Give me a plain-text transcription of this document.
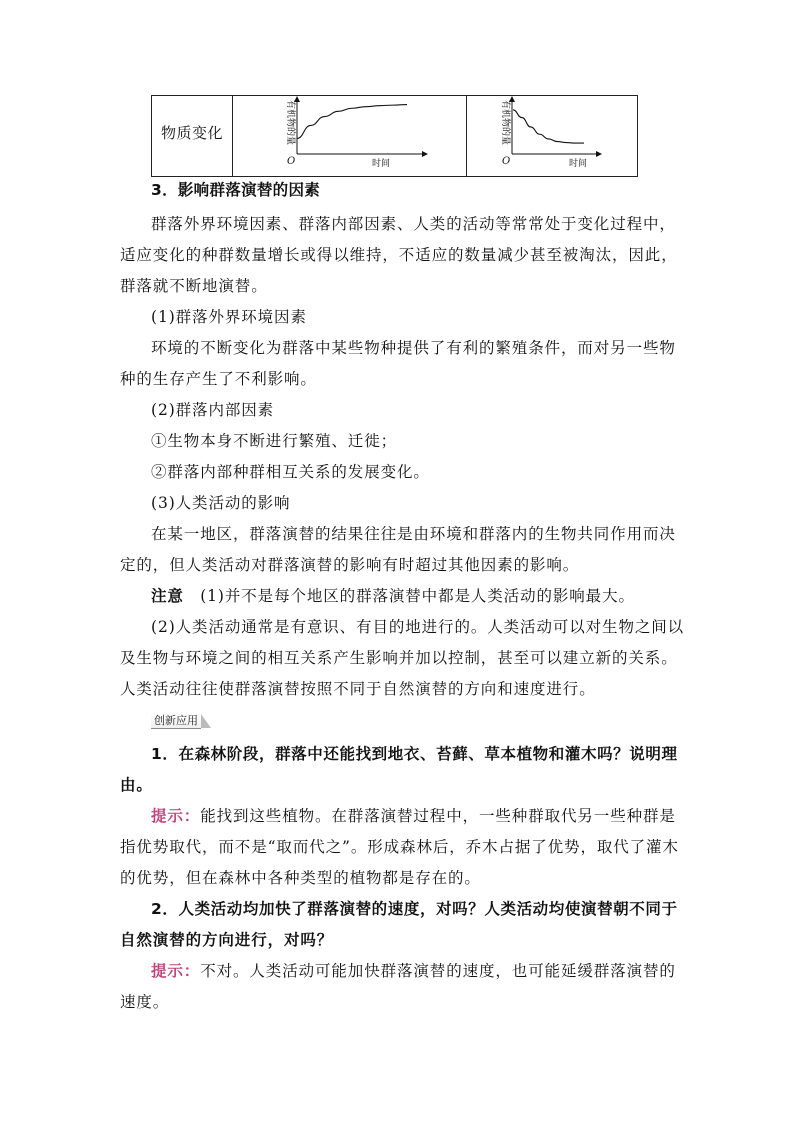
物质变化
O	时间
有机物的量
O	时间
有机物的量
3．影响群落演替的因素
群落外界环境因素、群落内部因素、人类的活动等常常处于变化过程中，
适应变化的种群数量增长或得以维持，不适应的数量减少甚至被淘汰，因此，
群落就不断地演替。
(1)群落外界环境因素
环境的不断变化为群落中某些物种提供了有利的繁殖条件，而对另一些物
种的生存产生了不利影响。
(2)群落内部因素
①生物本身不断进行繁殖、迁徙；
②群落内部种群相互关系的发展变化。
(3)人类活动的影响
在某一地区，群落演替的结果往往是由环境和群落内的生物共同作用而决
定的，但人类活动对群落演替的影响有时超过其他因素的影响。
注意　(1)并不是每个地区的群落演替中都是人类活动的影响最大。
(2)人类活动通常是有意识、有目的地进行的。人类活动可以对生物之间以
及生物与环境之间的相互关系产生影响并加以控制，甚至可以建立新的关系。
人类活动往往使群落演替按照不同于自然演替的方向和速度进行。
创新应用
1．在森林阶段，群落中还能找到地衣、苔藓、草本植物和灌木吗？说明理
由。
提示：能找到这些植物。在群落演替过程中，一些种群取代另一些种群是
指优势取代，而不是“取而代之”。形成森林后，乔木占据了优势，取代了灌木
的优势，但在森林中各种类型的植物都是存在的。
2．人类活动均加快了群落演替的速度，对吗？人类活动均使演替朝不同于
自然演替的方向进行，对吗？
提示：不对。人类活动可能加快群落演替的速度，也可能延缓群落演替的
速度。
